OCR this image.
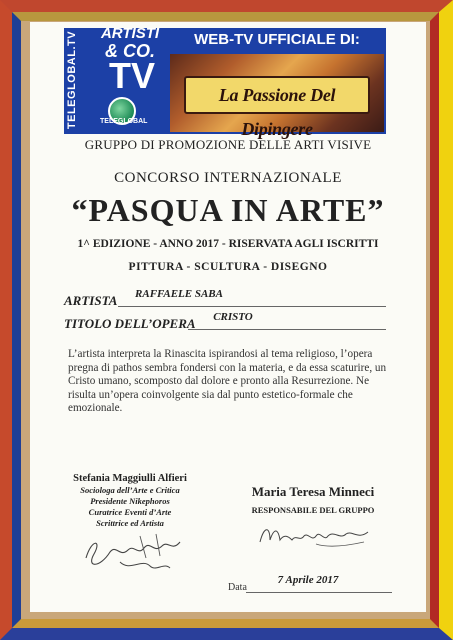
TELEGLOBAL.TV	ARTISTI
& CO.
TV
TELEGLOBAL
WEB-TV UFFICIALE DI:
La Passione Del Dipingere
GRUPPO DI PROMOZIONE DELLE ARTI VISIVE
CONCORSO INTERNAZIONALE
“PASQUA IN ARTE”
1^ EDIZIONE - ANNO 2017 - RISERVATA AGLI ISCRITTI
PITTURA - SCULTURA - DISEGNO
ARTISTA	RAFFAELE SABA
TITOLO DELL’OPERA	CRISTO
L’artista interpreta la Rinascita ispirandosi al tema religioso, l’opera pregna di pathos sembra fondersi con la materia, e da essa scaturire, un Cristo umano, scomposto dal dolore e pronto alla Resurrezione. Ne risulta un’opera coinvolgente sia dal punto estetico-formale che emozionale.
Stefania Maggiulli Alfieri
Sociologa dell’Arte e Critica
Presidente Nikephoros
Curatrice Eventi d’Arte
Scrittrice ed Artista
Maria Teresa Minneci
RESPONSABILE DEL GRUPPO
Data
7 Aprile 2017
